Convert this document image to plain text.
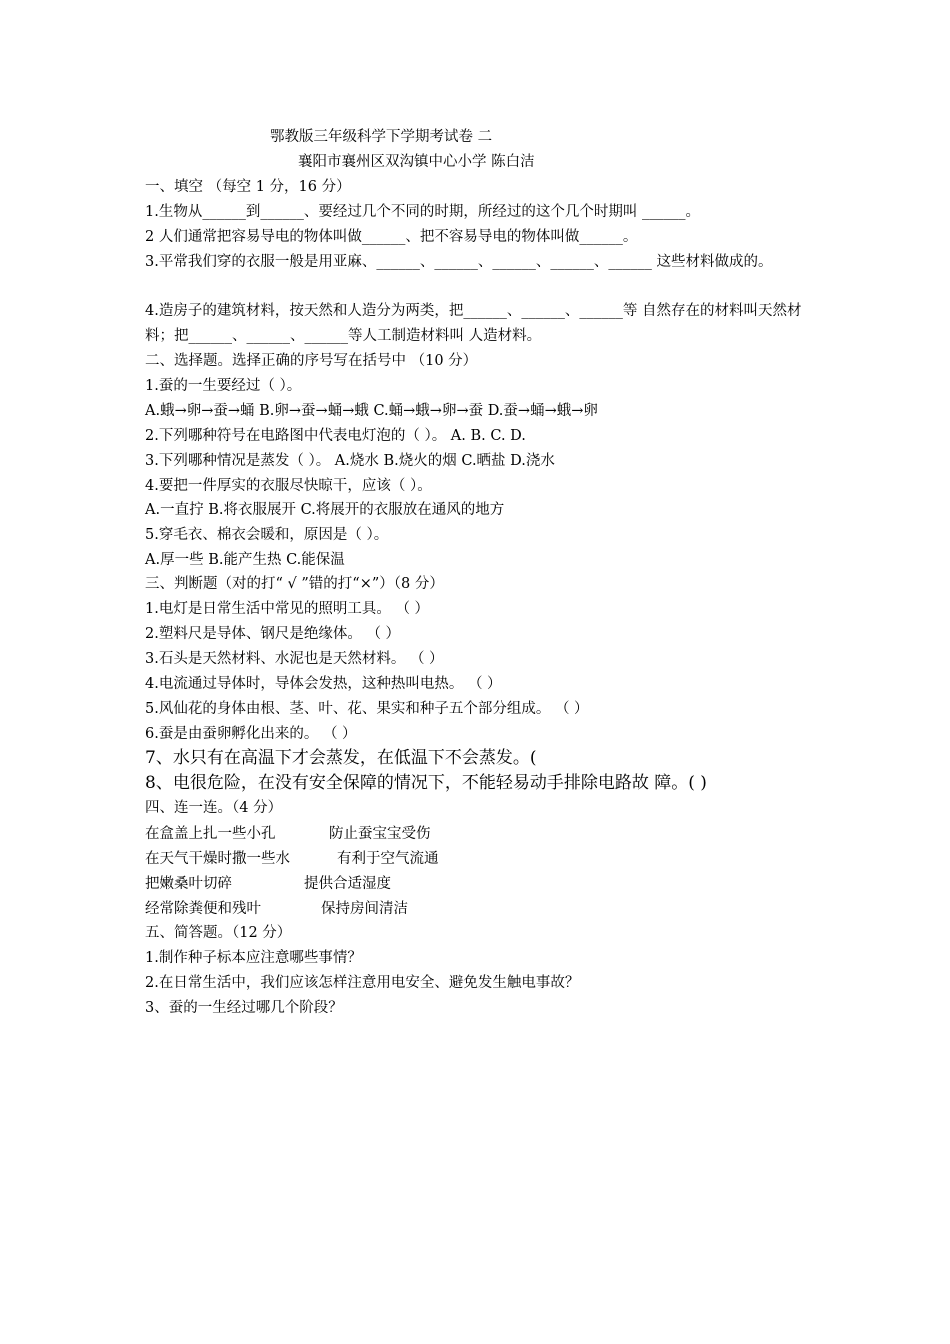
鄂教版三年级科学下学期考试卷 二
襄阳市襄州区双沟镇中心小学 陈白洁
一、填空 （每空 1 分，16 分）
1.生物从______到______、要经过几个不同的时期，所经过的这个几个时期叫 ______。
2 人们通常把容易导电的物体叫做______、把不容易导电的物体叫做______。
3.平常我们穿的衣服一般是用亚麻、______、______、______、______、______ 这些材料做成的。
4.造房子的建筑材料，按天然和人造分为两类，把______、______、______等 自然存在的材料叫天然材料；把______、______、______等人工制造材料叫 人造材料。
二、选择题。选择正确的序号写在括号中 （10 分）
1.蚕的一生要经过（ ）。
A.蛾→卵→蚕→蛹 B.卵→蚕→蛹→蛾 C.蛹→蛾→卵→蚕 D.蚕→蛹→蛾→卵
2.下列哪种符号在电路图中代表电灯泡的（ ）。 A. B. C. D.
3.下列哪种情况是蒸发（ ）。 A.烧水 B.烧火的烟 C.晒盐 D.浇水
4.要把一件厚实的衣服尽快晾干，应该（ ）。
A.一直拧 B.将衣服展开 C.将展开的衣服放在通风的地方
5.穿毛衣、棉衣会暖和，原因是（ ）。
A.厚一些 B.能产生热 C.能保温
三、判断题（对的打“ √ ”错的打“×”）（8 分）
1.电灯是日常生活中常见的照明工具。 （ ）
2.塑料尺是导体、钢尺是绝缘体。 （ ）
3.石头是天然材料、水泥也是天然材料。 （ ）
4.电流通过导体时，导体会发热，这种热叫电热。 （ ）
5.风仙花的身体由根、茎、叶、花、果实和种子五个部分组成。 （ ）
6.蚕是由蚕卵孵化出来的。 （ ）
7、水只有在高温下才会蒸发，在低温下不会蒸发。(
8、电很危险，在没有安全保障的情况下，不能轻易动手排除电路故 障。( )
四、连一连。（4 分）
在盒盖上扎一些小孔	防止蚕宝宝受伤
在天气干燥时撒一些水	有利于空气流通
把嫩桑叶切碎	提供合适湿度
经常除粪便和残叶	保持房间清洁
五、简答题。（12 分）
1.制作种子标本应注意哪些事情？
2.在日常生活中，我们应该怎样注意用电安全、避免发生触电事故？
3、蚕的一生经过哪几个阶段？
